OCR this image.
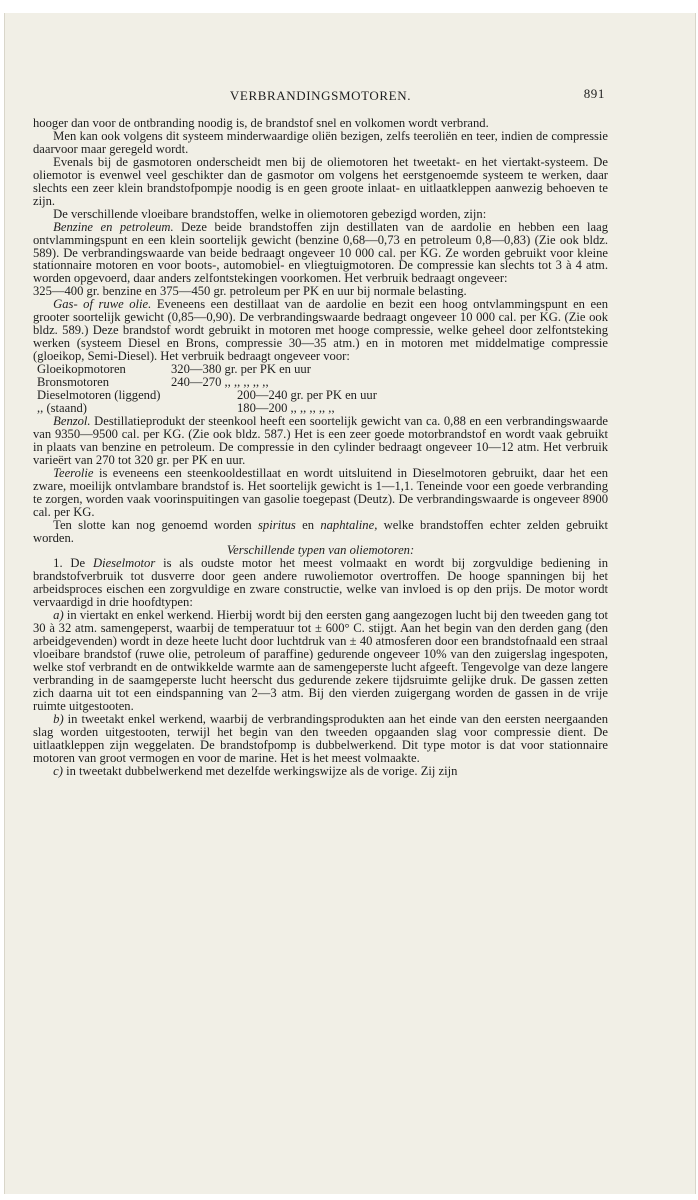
VERBRANDINGSMOTOREN.	891

hooger dan voor de ontbranding noodig is, de brandstof snel en volkomen wordt verbrand.

Men kan ook volgens dit systeem minderwaardige oliën bezigen, zelfs teeroliën en teer, indien de compressie daarvoor maar geregeld wordt.

Evenals bij de gasmotoren onderscheidt men bij de oliemotoren het tweetakt- en het viertakt-systeem. De oliemotor is evenwel veel geschikter dan de gasmotor om volgens het eerstgenoemde systeem te werken, daar slechts een zeer klein brandstofpompje noodig is en geen groote inlaat- en uitlaatkleppen aanwezig behoeven te zijn.

De verschillende vloeibare brandstoffen, welke in oliemotoren gebezigd worden, zijn:

Benzine en petroleum. Deze beide brandstoffen zijn destillaten van de aardolie en hebben een laag ontvlammingspunt en een klein soortelijk gewicht (benzine 0,68—0,73 en petroleum 0,8—0,83) (Zie ook bldz. 589). De verbrandingswaarde van beide bedraagt ongeveer 10 000 cal. per KG. Ze worden gebruikt voor kleine stationnaire motoren en voor boots-, automobiel- en vliegtuigmotoren. De compressie kan slechts tot 3 à 4 atm. worden opgevoerd, daar anders zelfontstekingen voorkomen. Het verbruik bedraagt ongeveer:

325—400 gr. benzine en 375—450 gr. petroleum per PK en uur bij normale belasting.

Gas- of ruwe olie. Eveneens een destillaat van de aardolie en bezit een hoog ontvlammingspunt en een grooter soortelijk gewicht (0,85—0,90). De verbrandingswaarde bedraagt ongeveer 10 000 cal. per KG. (Zie ook bldz. 589.) Deze brandstof wordt gebruikt in motoren met hooge compressie, welke geheel door zelfontsteking werken (systeem Diesel en Brons, compressie 30—35 atm.) en in motoren met middelmatige compressie (gloeikop, Semi-Diesel). Het verbruik bedraagt ongeveer voor:

Gloeikopmotoren	320—380 gr. per PK en uur
Bronsmotoren	240—270 ,, ,, ,, ,, ,,
Dieselmotoren (liggend)	200—240 gr. per PK en uur
,, (staand)	180—200 ,, ,, ,, ,, ,,

Benzol. Destillatieprodukt der steenkool heeft een soortelijk gewicht van ca. 0,88 en een verbrandingswaarde van 9350—9500 cal. per KG. (Zie ook bldz. 587.) Het is een zeer goede motorbrandstof en wordt vaak gebruikt in plaats van benzine en petroleum. De compressie in den cylinder bedraagt ongeveer 10—12 atm. Het verbruik varieërt van 270 tot 320 gr. per PK en uur.

Teerolie is eveneens een steenkooldestillaat en wordt uitsluitend in Dieselmotoren gebruikt, daar het een zware, moeilijk ontvlambare brandstof is. Het soortelijk gewicht is 1—1,1. Teneinde voor een goede verbranding te zorgen, worden vaak voorinspuitingen van gasolie toegepast (Deutz). De verbrandingswaarde is ongeveer 8900 cal. per KG.

Ten slotte kan nog genoemd worden spiritus en naphtaline, welke brandstoffen echter zelden gebruikt worden.

Verschillende typen van oliemotoren:

1. De Dieselmotor is als oudste motor het meest volmaakt en wordt bij zorgvuldige bediening in brandstofverbruik tot dusverre door geen andere ruwoliemotor overtroffen. De hooge spanningen bij het arbeidsproces eischen een zorgvuldige en zware constructie, welke van invloed is op den prijs. De motor wordt vervaardigd in drie hoofdtypen:

a) in viertakt en enkel werkend. Hierbij wordt bij den eersten gang aangezogen lucht bij den tweeden gang tot 30 à 32 atm. samengeperst, waarbij de temperatuur tot ± 600° C. stijgt. Aan het begin van den derden gang (den arbeidgevenden) wordt in deze heete lucht door luchtdruk van ± 40 atmosferen door een brandstofnaald een straal vloeibare brandstof (ruwe olie, petroleum of paraffine) gedurende ongeveer 10% van den zuigerslag ingespoten, welke stof verbrandt en de ontwikkelde warmte aan de samengeperste lucht afgeeft. Tengevolge van deze langere verbranding in de saamgeperste lucht heerscht dus gedurende zekere tijdsruimte gelijke druk. De gassen zetten zich daarna uit tot een eindspanning van 2—3 atm. Bij den vierden zuigergang worden de gassen in de vrije ruimte uitgestooten.

b) in tweetakt enkel werkend, waarbij de verbrandingsprodukten aan het einde van den eersten neergaanden slag worden uitgestooten, terwijl het begin van den tweeden opgaanden slag voor compressie dient. De uitlaatkleppen zijn weggelaten. De brandstofpomp is dubbelwerkend. Dit type motor is dat voor stationnaire motoren van groot vermogen en voor de marine. Het is het meest volmaakte.

c) in tweetakt dubbelwerkend met dezelfde werkingswijze als de vorige. Zij zijn
